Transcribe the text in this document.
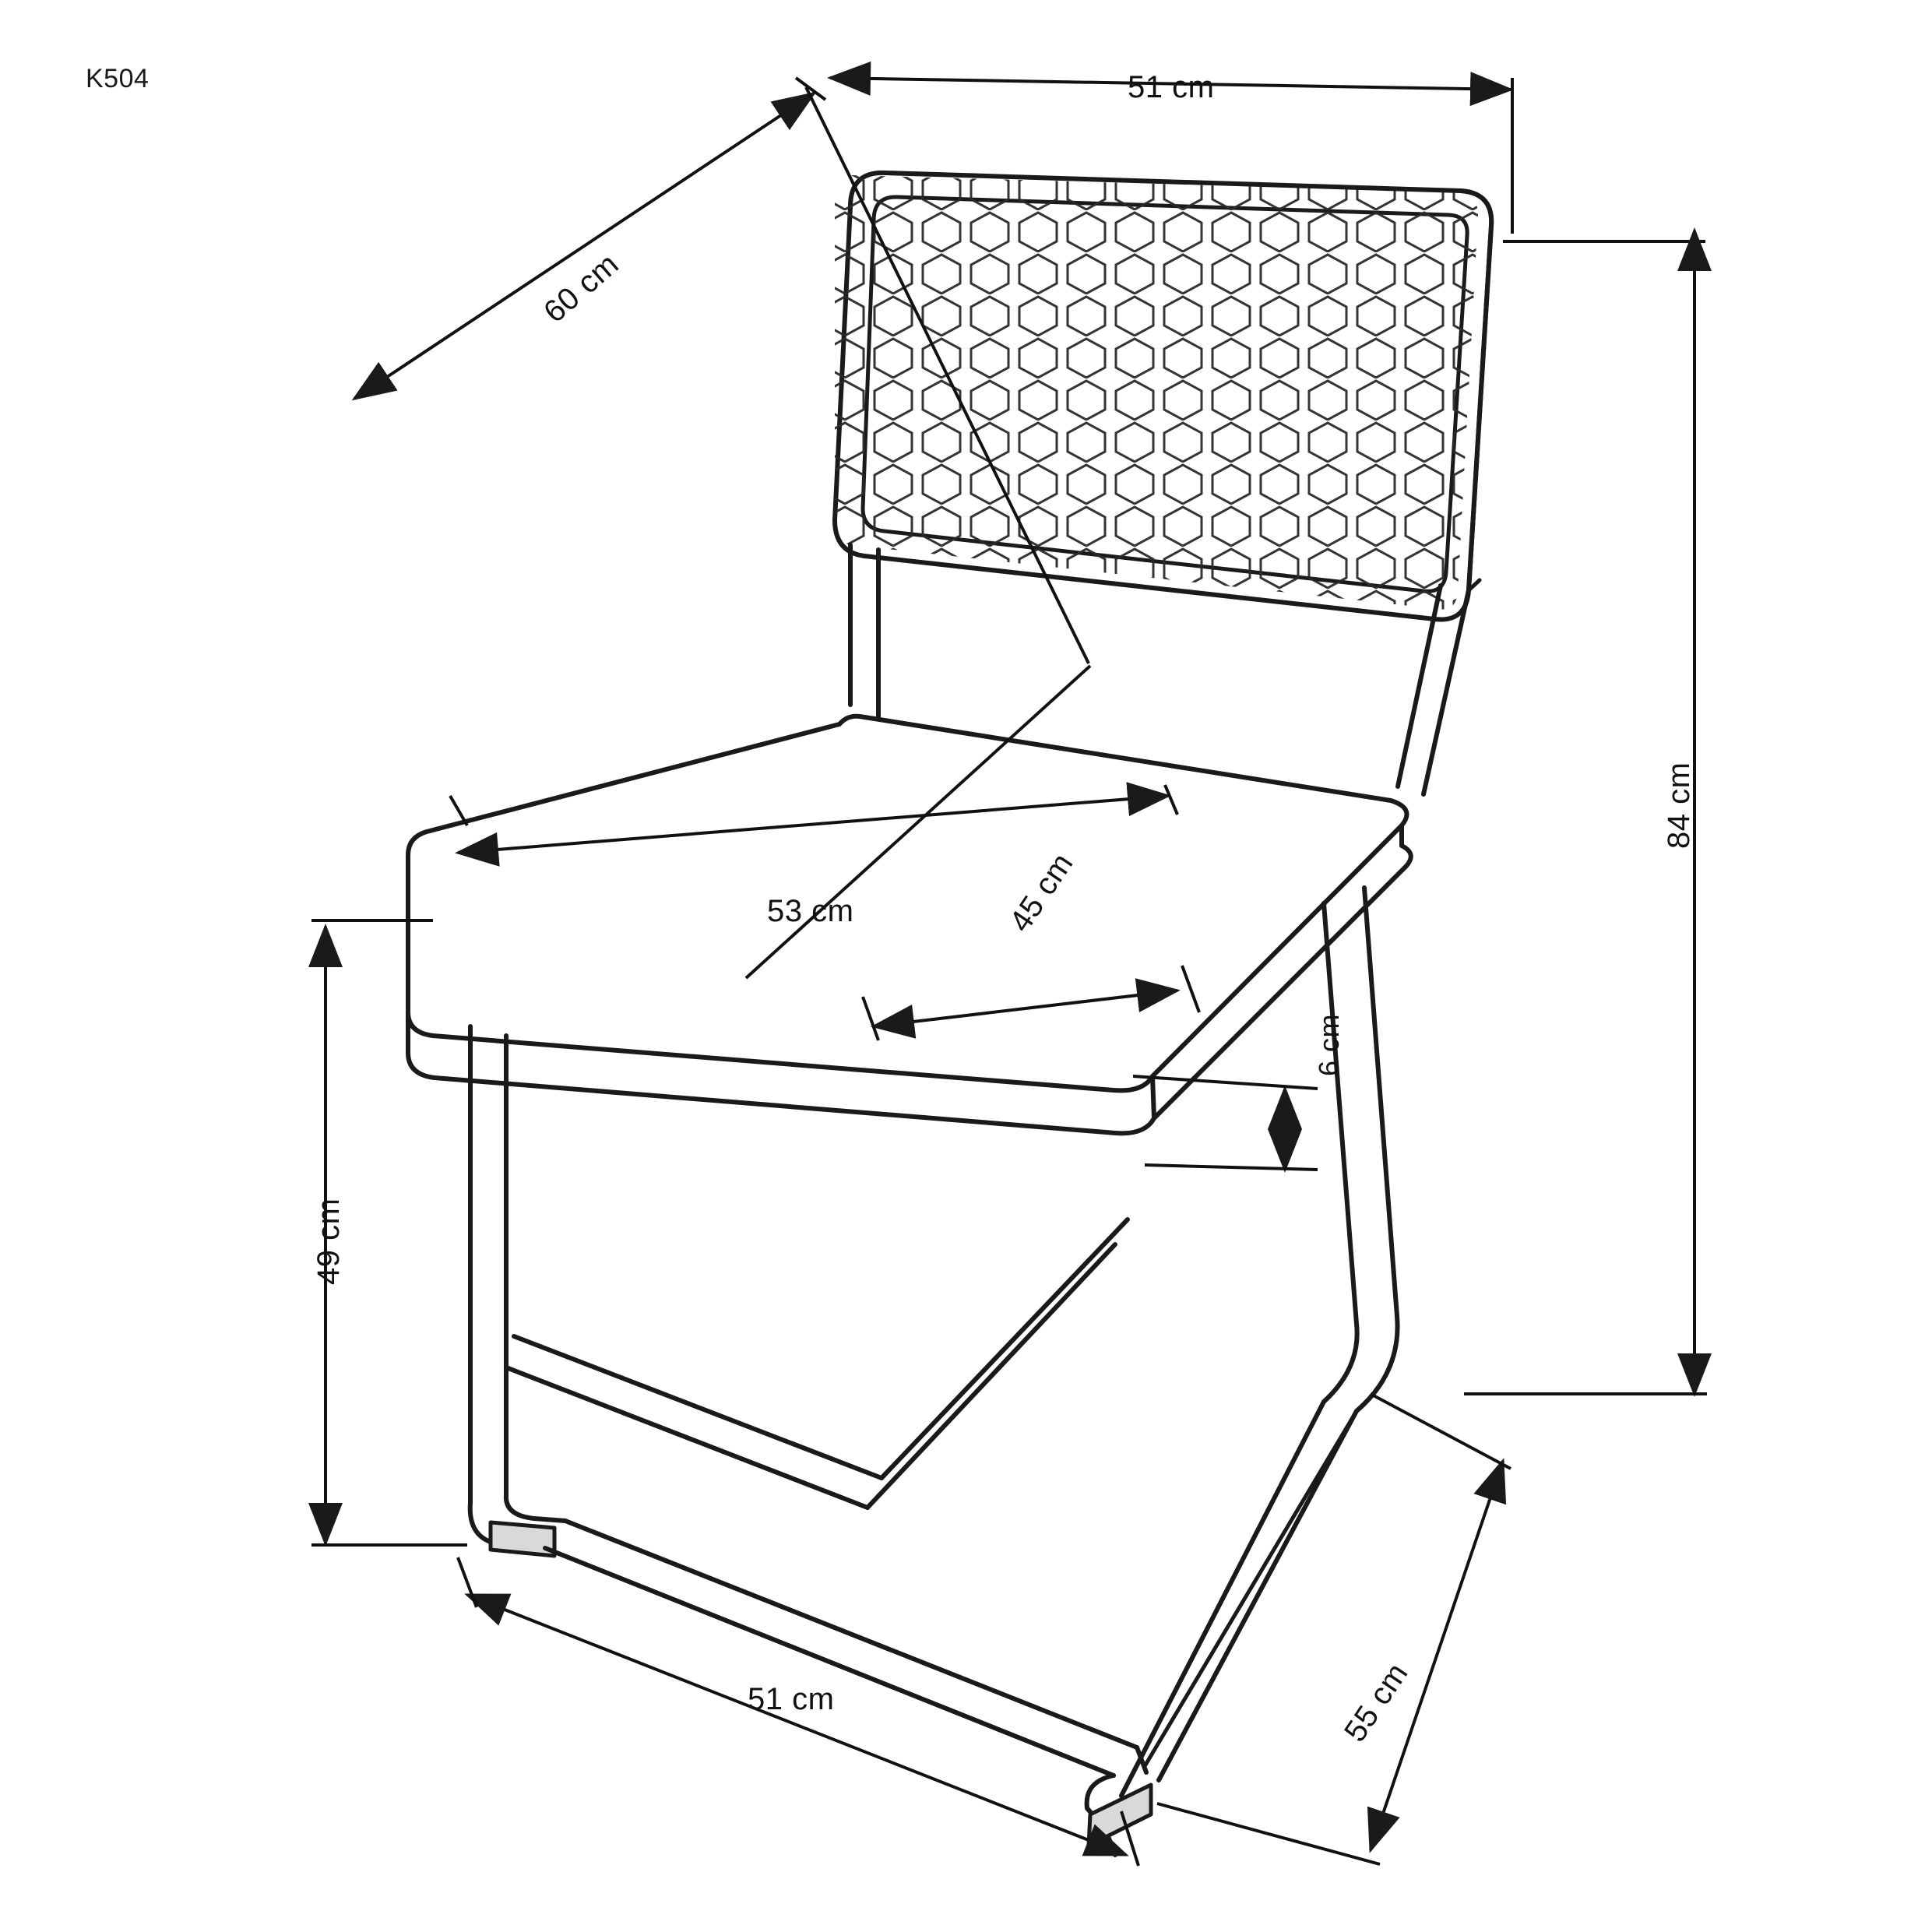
K504	51 cm
84 cm
60 cm
53 cm	45 cm
6 cm
49 cm
51 cm	55 cm
